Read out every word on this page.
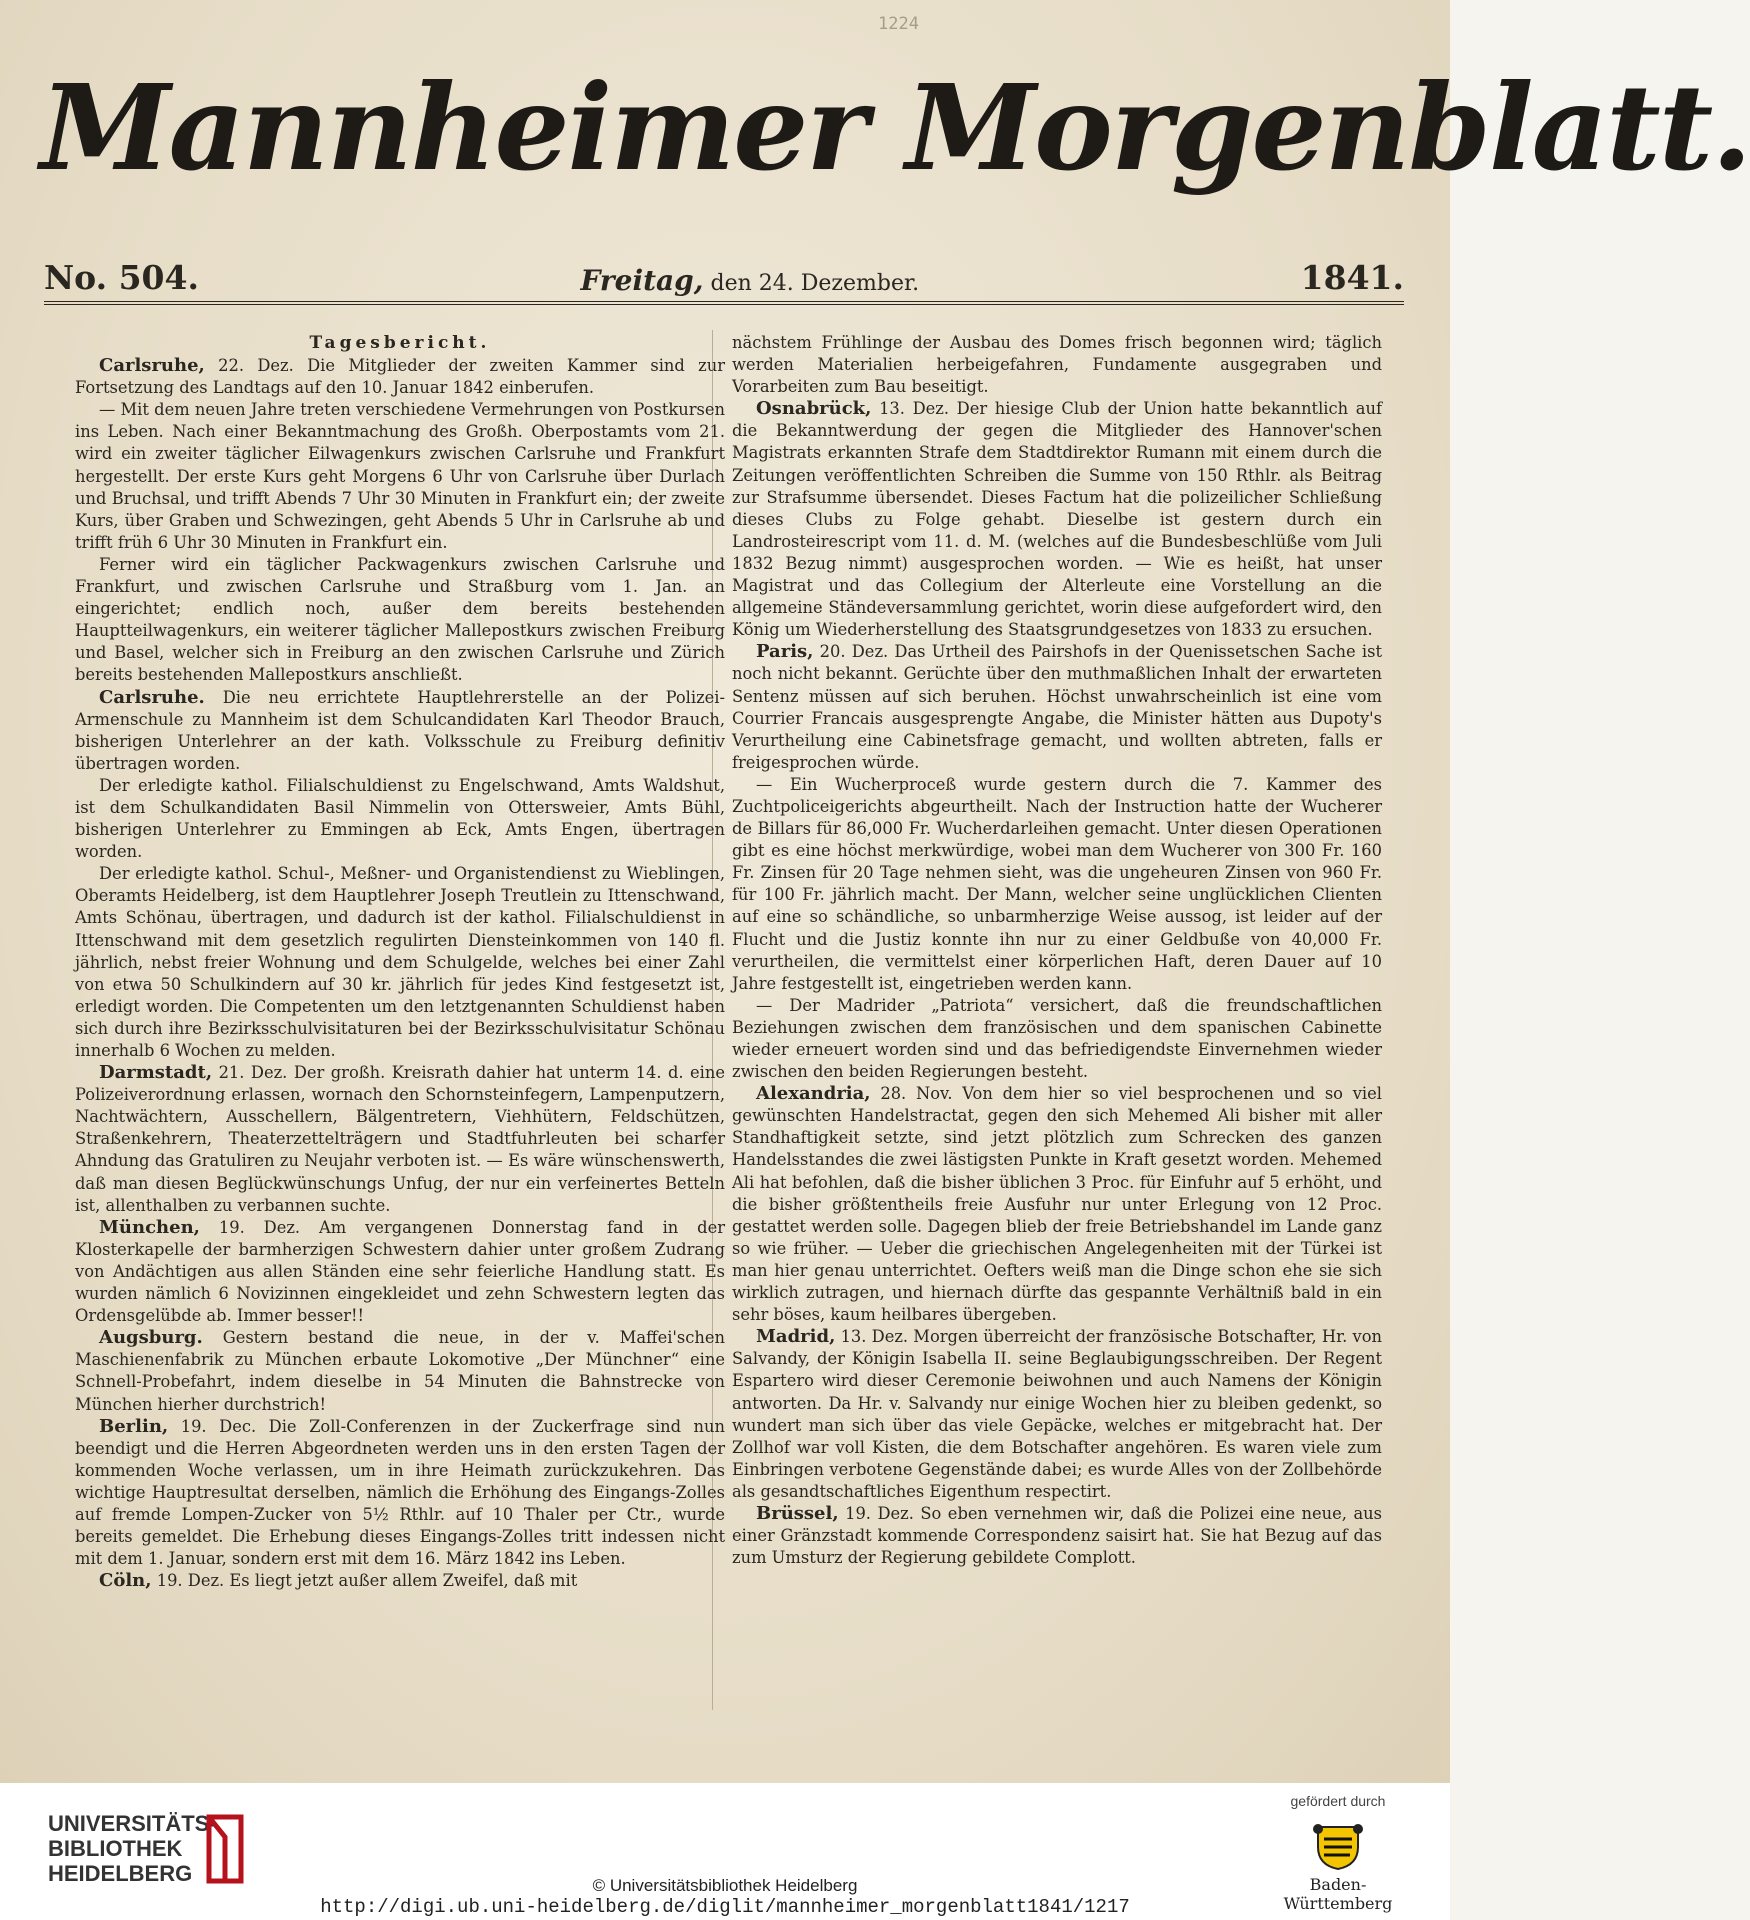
1224
Mannheimer Morgenblatt.
No. 504.	Freitag, den 24. Dezember.	1841.

Tagesbericht.

Carlsruhe, 22. Dez. Die Mitglieder der zweiten Kammer sind zur Fortsetzung des Landtags auf den 10. Januar 1842 einberufen.

— Mit dem neuen Jahre treten verschiedene Vermehrungen von Postkursen ins Leben. Nach einer Bekanntmachung des Großh. Oberpostamts vom 21. wird ein zweiter täglicher Eilwagenkurs zwischen Carlsruhe und Frankfurt hergestellt. Der erste Kurs geht Morgens 6 Uhr von Carlsruhe über Durlach und Bruchsal, und trifft Abends 7 Uhr 30 Minuten in Frankfurt ein; der zweite Kurs, über Graben und Schwezingen, geht Abends 5 Uhr in Carlsruhe ab und trifft früh 6 Uhr 30 Minuten in Frankfurt ein.

Ferner wird ein täglicher Packwagenkurs zwischen Carlsruhe und Frankfurt, und zwischen Carlsruhe und Straßburg vom 1. Jan. an eingerichtet; endlich noch, außer dem bereits bestehenden Hauptteilwagenkurs, ein weiterer täglicher Mallepostkurs zwischen Freiburg und Basel, welcher sich in Freiburg an den zwischen Carlsruhe und Zürich bereits bestehenden Mallepostkurs anschließt.

Carlsruhe. Die neu errichtete Hauptlehrerstelle an der Polizei-Armenschule zu Mannheim ist dem Schulcandidaten Karl Theodor Brauch, bisherigen Unterlehrer an der kath. Volksschule zu Freiburg definitiv übertragen worden.

Der erledigte kathol. Filialschuldienst zu Engelschwand, Amts Waldshut, ist dem Schulkandidaten Basil Nimmelin von Ottersweier, Amts Bühl, bisherigen Unterlehrer zu Emmingen ab Eck, Amts Engen, übertragen worden.

Der erledigte kathol. Schul-, Meßner- und Organistendienst zu Wieblingen, Oberamts Heidelberg, ist dem Hauptlehrer Joseph Treutlein zu Ittenschwand, Amts Schönau, übertragen, und dadurch ist der kathol. Filialschuldienst in Ittenschwand mit dem gesetzlich regulirten Diensteinkommen von 140 fl. jährlich, nebst freier Wohnung und dem Schulgelde, welches bei einer Zahl von etwa 50 Schulkindern auf 30 kr. jährlich für jedes Kind festgesetzt ist, erledigt worden. Die Competenten um den letztgenannten Schuldienst haben sich durch ihre Bezirksschulvisitaturen bei der Bezirksschulvisitatur Schönau innerhalb 6 Wochen zu melden.

Darmstadt, 21. Dez. Der großh. Kreisrath dahier hat unterm 14. d. eine Polizeiverordnung erlassen, wornach den Schornsteinfegern, Lampenputzern, Nachtwächtern, Ausschellern, Bälgentretern, Viehhütern, Feldschützen, Straßenkehrern, Theaterzettelträgern und Stadtfuhrleuten bei scharfer Ahndung das Gratuliren zu Neujahr verboten ist. — Es wäre wünschenswerth, daß man diesen Beglückwünschungs Unfug, der nur ein verfeinertes Betteln ist, allenthalben zu verbannen suchte.

München, 19. Dez. Am vergangenen Donnerstag fand in der Klosterkapelle der barmherzigen Schwestern dahier unter großem Zudrang von Andächtigen aus allen Ständen eine sehr feierliche Handlung statt. Es wurden nämlich 6 Novizinnen eingekleidet und zehn Schwestern legten das Ordensgelübde ab. Immer besser!!

Augsburg. Gestern bestand die neue, in der v. Maffei'schen Maschienenfabrik zu München erbaute Lokomotive „Der Münchner“ eine Schnell-Probefahrt, indem dieselbe in 54 Minuten die Bahnstrecke von München hierher durchstrich!

Berlin, 19. Dec. Die Zoll-Conferenzen in der Zuckerfrage sind nun beendigt und die Herren Abgeordneten werden uns in den ersten Tagen der kommenden Woche verlassen, um in ihre Heimath zurückzukehren. Das wichtige Hauptresultat derselben, nämlich die Erhöhung des Eingangs-Zolles auf fremde Lompen-Zucker von 5½ Rthlr. auf 10 Thaler per Ctr., wurde bereits gemeldet. Die Erhebung dieses Eingangs-Zolles tritt indessen nicht mit dem 1. Januar, sondern erst mit dem 16. März 1842 ins Leben.

Cöln, 19. Dez. Es liegt jetzt außer allem Zweifel, daß mit

nächstem Frühlinge der Ausbau des Domes frisch begonnen wird; täglich werden Materialien herbeigefahren, Fundamente ausgegraben und Vorarbeiten zum Bau beseitigt.

Osnabrück, 13. Dez. Der hiesige Club der Union hatte bekanntlich auf die Bekanntwerdung der gegen die Mitglieder des Hannover'schen Magistrats erkannten Strafe dem Stadtdirektor Rumann mit einem durch die Zeitungen veröffentlichten Schreiben die Summe von 150 Rthlr. als Beitrag zur Strafsumme übersendet. Dieses Factum hat die polizeilicher Schließung dieses Clubs zu Folge gehabt. Dieselbe ist gestern durch ein Landrosteirescript vom 11. d. M. (welches auf die Bundesbeschlüße vom Juli 1832 Bezug nimmt) ausgesprochen worden. — Wie es heißt, hat unser Magistrat und das Collegium der Alterleute eine Vorstellung an die allgemeine Ständeversammlung gerichtet, worin diese aufgefordert wird, den König um Wiederherstellung des Staatsgrundgesetzes von 1833 zu ersuchen.

Paris, 20. Dez. Das Urtheil des Pairshofs in der Quenissetschen Sache ist noch nicht bekannt. Gerüchte über den muthmaßlichen Inhalt der erwarteten Sentenz müssen auf sich beruhen. Höchst unwahrscheinlich ist eine vom Courrier Francais ausgesprengte Angabe, die Minister hätten aus Dupoty's Verurtheilung eine Cabinetsfrage gemacht, und wollten abtreten, falls er freigesprochen würde.

— Ein Wucherproceß wurde gestern durch die 7. Kammer des Zuchtpoliceigerichts abgeurtheilt. Nach der Instruction hatte der Wucherer de Billars für 86,000 Fr. Wucherdarleihen gemacht. Unter diesen Operationen gibt es eine höchst merkwürdige, wobei man dem Wucherer von 300 Fr. 160 Fr. Zinsen für 20 Tage nehmen sieht, was die ungeheuren Zinsen von 960 Fr. für 100 Fr. jährlich macht. Der Mann, welcher seine unglücklichen Clienten auf eine so schändliche, so unbarmherzige Weise aussog, ist leider auf der Flucht und die Justiz konnte ihn nur zu einer Geldbuße von 40,000 Fr. verurtheilen, die vermittelst einer körperlichen Haft, deren Dauer auf 10 Jahre festgestellt ist, eingetrieben werden kann.

— Der Madrider „Patriota“ versichert, daß die freundschaftlichen Beziehungen zwischen dem französischen und dem spanischen Cabinette wieder erneuert worden sind und das befriedigendste Einvernehmen wieder zwischen den beiden Regierungen besteht.

Alexandria, 28. Nov. Von dem hier so viel besprochenen und so viel gewünschten Handelstractat, gegen den sich Mehemed Ali bisher mit aller Standhaftigkeit setzte, sind jetzt plötzlich zum Schrecken des ganzen Handelsstandes die zwei lästigsten Punkte in Kraft gesetzt worden. Mehemed Ali hat befohlen, daß die bisher üblichen 3 Proc. für Einfuhr auf 5 erhöht, und die bisher größtentheils freie Ausfuhr nur unter Erlegung von 12 Proc. gestattet werden solle. Dagegen blieb der freie Betriebshandel im Lande ganz so wie früher. — Ueber die griechischen Angelegenheiten mit der Türkei ist man hier genau unterrichtet. Oefters weiß man die Dinge schon ehe sie sich wirklich zutragen, und hiernach dürfte das gespannte Verhältniß bald in ein sehr böses, kaum heilbares übergeben.

Madrid, 13. Dez. Morgen überreicht der französische Botschafter, Hr. von Salvandy, der Königin Isabella II. seine Beglaubigungsschreiben. Der Regent Espartero wird dieser Ceremonie beiwohnen und auch Namens der Königin antworten. Da Hr. v. Salvandy nur einige Wochen hier zu bleiben gedenkt, so wundert man sich über das viele Gepäcke, welches er mitgebracht hat. Der Zollhof war voll Kisten, die dem Botschafter angehören. Es waren viele zum Einbringen verbotene Gegenstände dabei; es wurde Alles von der Zollbehörde als gesandtschaftliches Eigenthum respectirt.

Brüssel, 19. Dez. So eben vernehmen wir, daß die Polizei eine neue, aus einer Gränzstadt kommende Correspondenz saisirt hat. Sie hat Bezug auf das zum Umsturz der Regierung gebildete Complott.

UNIVERSITÄTS-
BIBLIOTHEK
HEIDELBERG	© Universitätsbibliothek Heidelberg
http://digi.ub.uni-heidelberg.de/diglit/mannheimer_morgenblatt1841/1217
gefördert durch
Baden-Württemberg
